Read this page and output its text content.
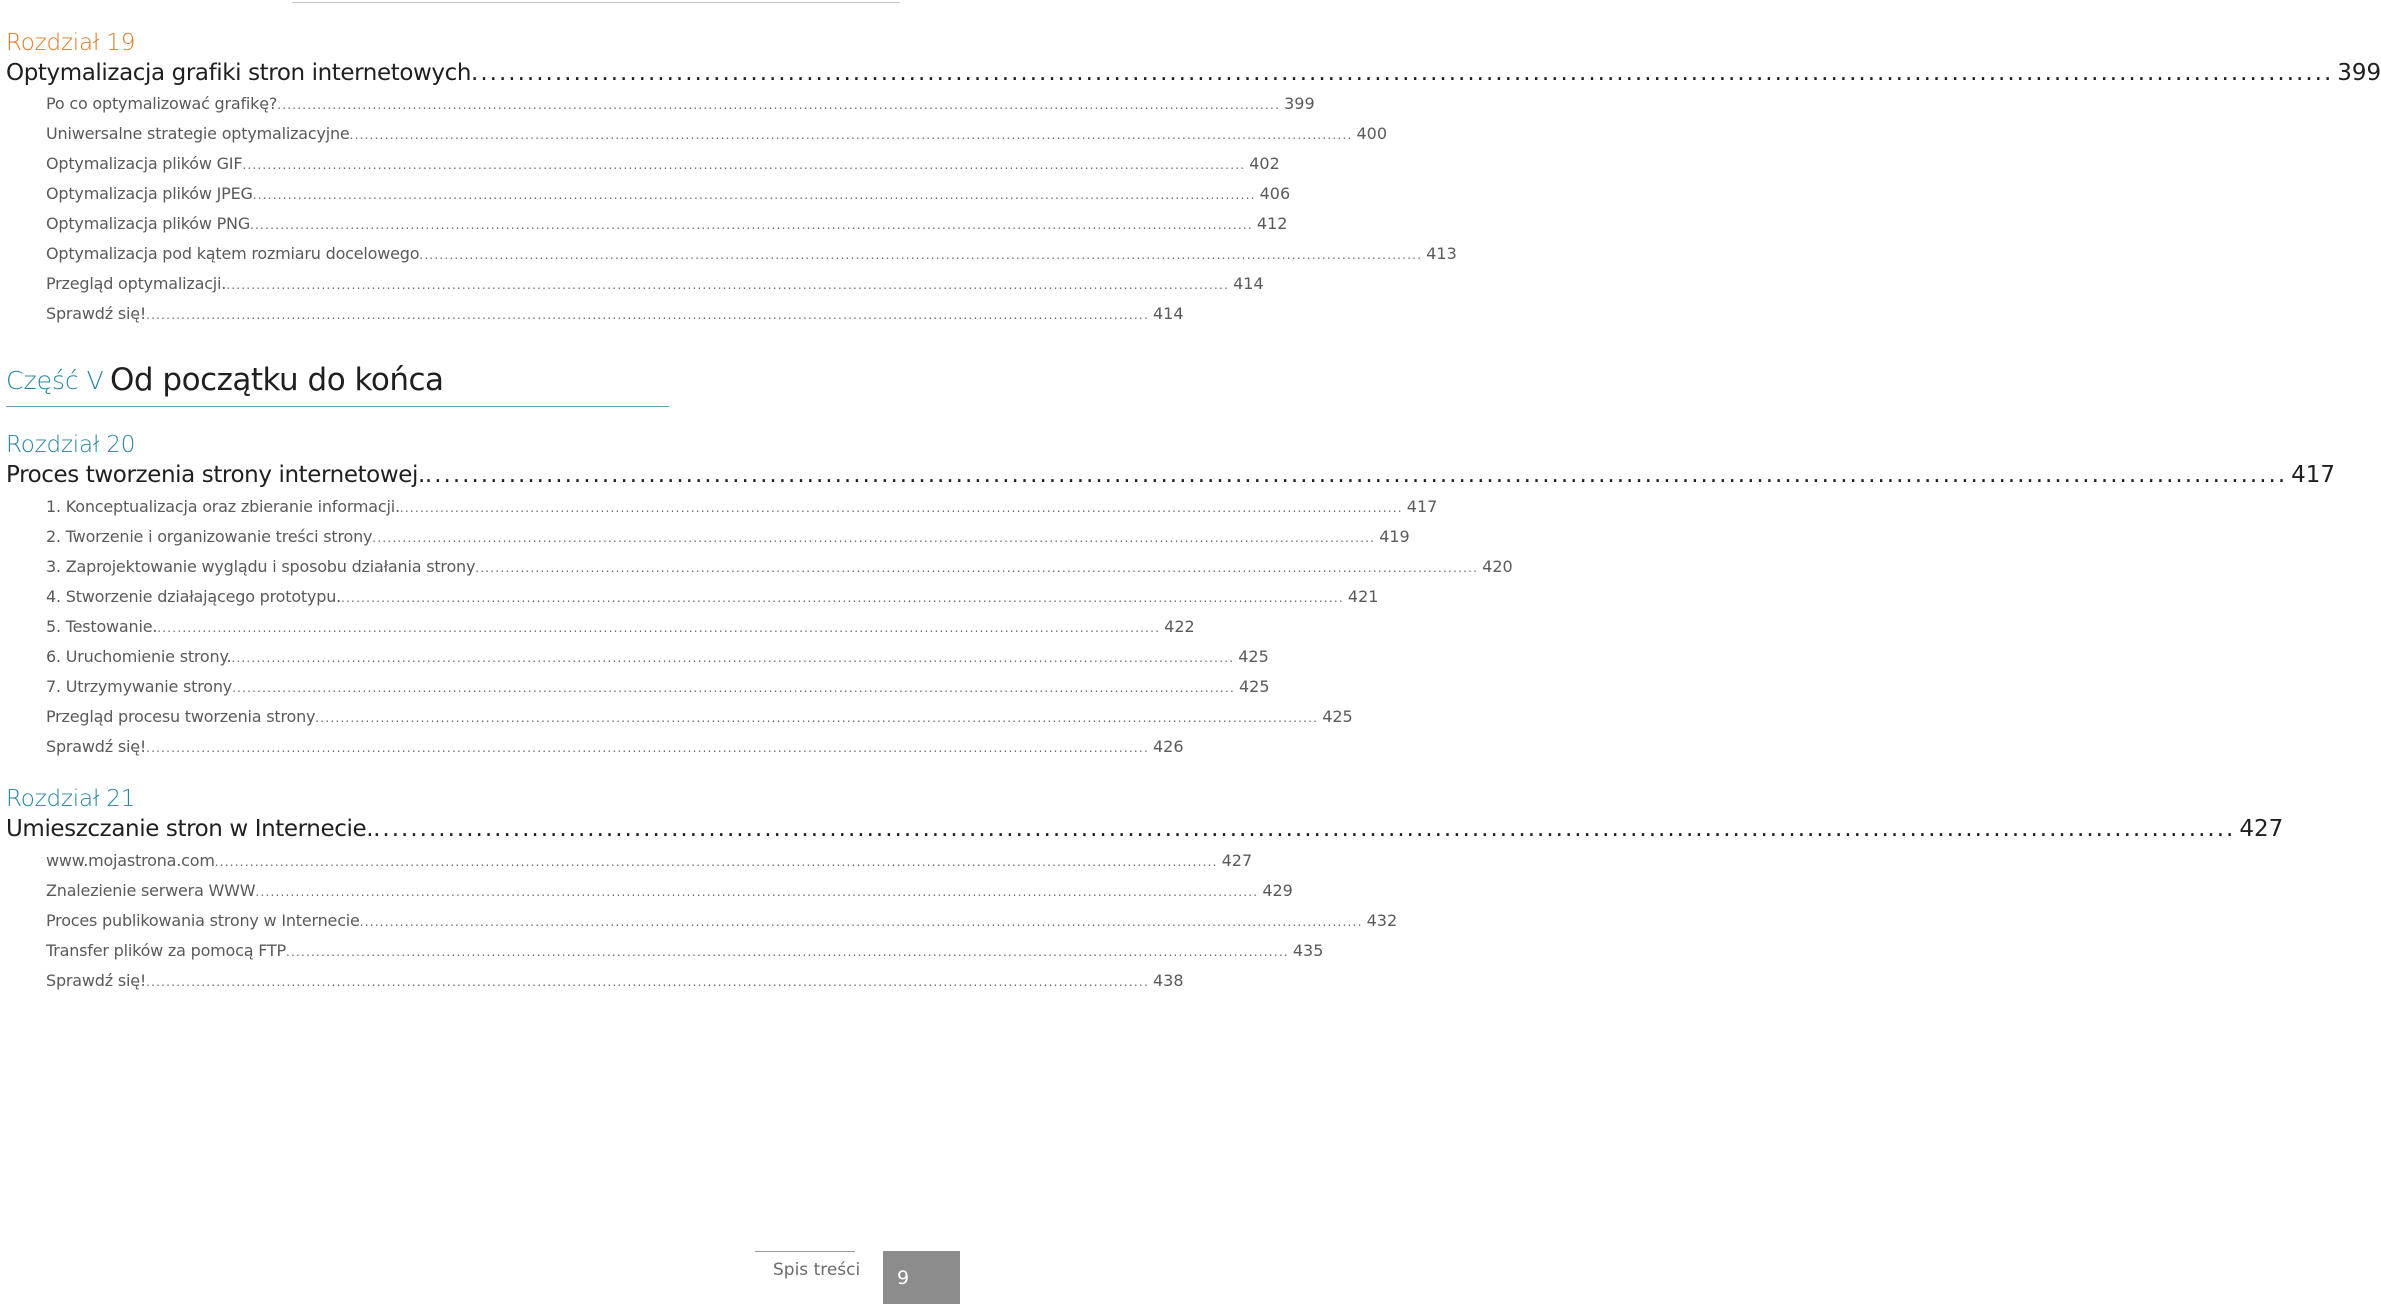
Rozdział 19
Optymalizacja grafiki stron internetowych ........................................................................................................................................................................................................ 399
Po co optymalizować grafikę? ........................................................................................................................................................................................................ 399
Uniwersalne strategie optymalizacyjne ........................................................................................................................................................................................................ 400
Optymalizacja plików GIF ........................................................................................................................................................................................................ 402
Optymalizacja plików JPEG ........................................................................................................................................................................................................ 406
Optymalizacja plików PNG ........................................................................................................................................................................................................ 412
Optymalizacja pod kątem rozmiaru docelowego ........................................................................................................................................................................................................ 413
Przegląd optymalizacji. ........................................................................................................................................................................................................ 414
Sprawdź się! ........................................................................................................................................................................................................ 414
Część V Od początku do końca
Rozdział 20
Proces tworzenia strony internetowej. ........................................................................................................................................................................................................ 417
1. Konceptualizacja oraz zbieranie informacji. ........................................................................................................................................................................................................ 417
2. Tworzenie i organizowanie treści strony ........................................................................................................................................................................................................ 419
3. Zaprojektowanie wyglądu i sposobu działania strony ........................................................................................................................................................................................................ 420
4. Stworzenie działającego prototypu. ........................................................................................................................................................................................................ 421
5. Testowanie. ........................................................................................................................................................................................................ 422
6. Uruchomienie strony. ........................................................................................................................................................................................................ 425
7. Utrzymywanie strony ........................................................................................................................................................................................................ 425
Przegląd procesu tworzenia strony ........................................................................................................................................................................................................ 425
Sprawdź się! ........................................................................................................................................................................................................ 426
Rozdział 21
Umieszczanie stron w Internecie. ........................................................................................................................................................................................................ 427
www.mojastrona.com ........................................................................................................................................................................................................ 427
Znalezienie serwera WWW ........................................................................................................................................................................................................ 429
Proces publikowania strony w Internecie ........................................................................................................................................................................................................ 432
Transfer plików za pomocą FTP ........................................................................................................................................................................................................ 435
Sprawdź się! ........................................................................................................................................................................................................ 438
Spis treści 9
